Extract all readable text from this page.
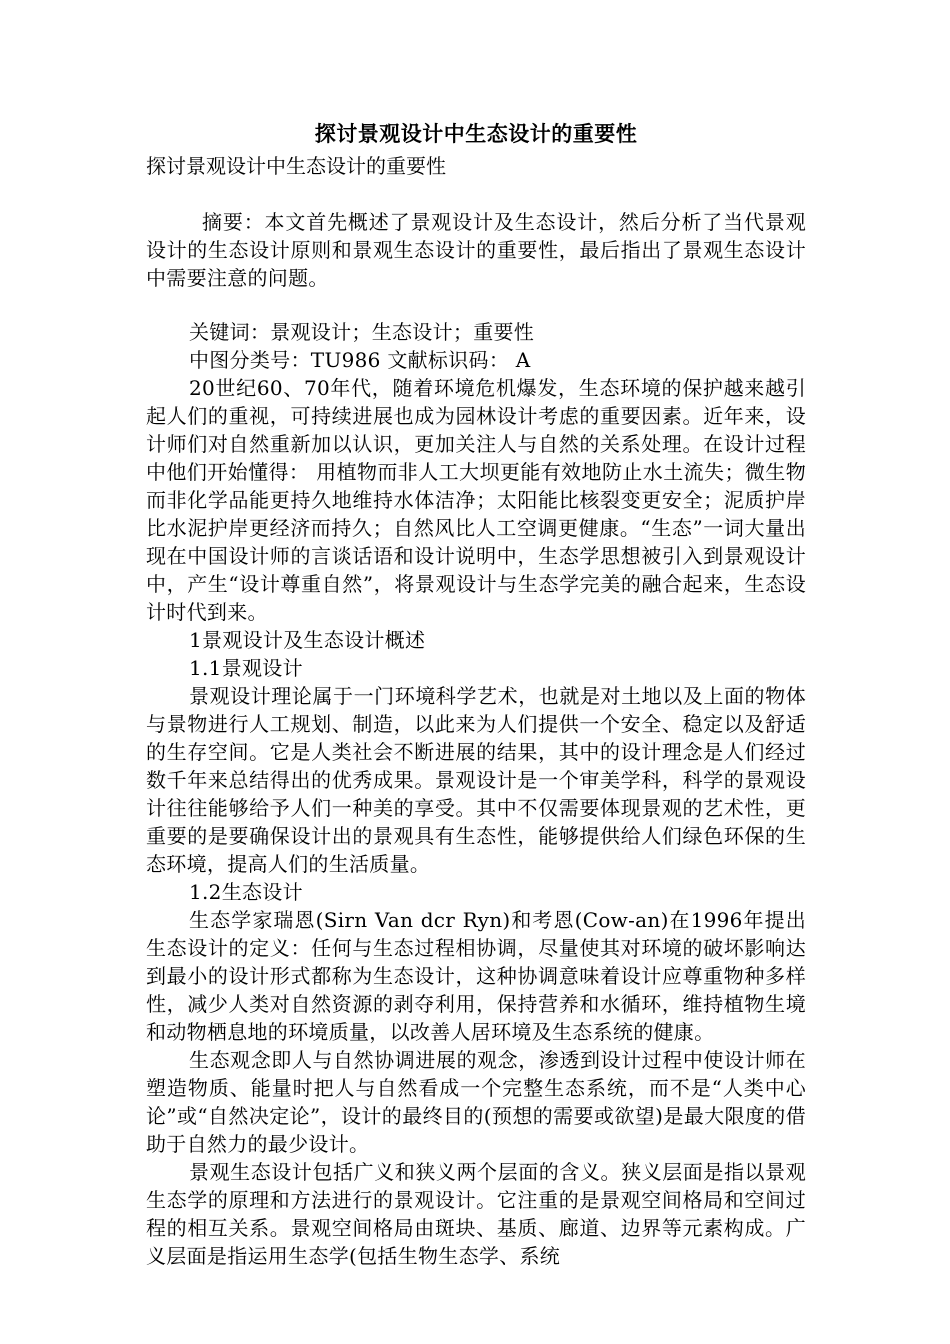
探讨景观设计中生态设计的重要性
探讨景观设计中生态设计的重要性

摘要：本文首先概述了景观设计及生态设计，然后分析了当代景观设计的生态设计原则和景观生态设计的重要性，最后指出了景观生态设计中需要注意的问题。

关键词：景观设计；生态设计；重要性

中图分类号：TU986 文献标识码： A

20世纪60、70年代，随着环境危机爆发，生态环境的保护越来越引起人们的重视，可持续进展也成为园林设计考虑的重要因素。近年来，设计师们对自然重新加以认识，更加关注人与自然的关系处理。在设计过程中他们开始懂得： 用植物而非人工大坝更能有效地防止水土流失；微生物而非化学品能更持久地维持水体洁净；太阳能比核裂变更安全；泥质护岸比水泥护岸更经济而持久；自然风比人工空调更健康。“生态”一词大量出现在中国设计师的言谈话语和设计说明中，生态学思想被引入到景观设计中，产生“设计尊重自然”，将景观设计与生态学完美的融合起来，生态设计时代到来。

1景观设计及生态设计概述

1.1景观设计

景观设计理论属于一门环境科学艺术，也就是对土地以及上面的物体与景物进行人工规划、制造，以此来为人们提供一个安全、稳定以及舒适的生存空间。它是人类社会不断进展的结果，其中的设计理念是人们经过数千年来总结得出的优秀成果。景观设计是一个审美学科，科学的景观设计往往能够给予人们一种美的享受。其中不仅需要体现景观的艺术性，更重要的是要确保设计出的景观具有生态性，能够提供给人们绿色环保的生态环境，提高人们的生活质量。

1.2生态设计

生态学家瑞恩(Sirn Van dcr Ryn)和考恩(Cow-an)在1996年提出生态设计的定义：任何与生态过程相协调，尽量使其对环境的破坏影响达到最小的设计形式都称为生态设计，这种协调意味着设计应尊重物种多样性，减少人类对自然资源的剥夺利用，保持营养和水循环，维持植物生境和动物栖息地的环境质量，以改善人居环境及生态系统的健康。

生态观念即人与自然协调进展的观念，渗透到设计过程中使设计师在塑造物质、能量时把人与自然看成一个完整生态系统，而不是“人类中心论”或“自然决定论”，设计的最终目的(预想的需要或欲望)是最大限度的借助于自然力的最少设计。

景观生态设计包括广义和狭义两个层面的含义。狭义层面是指以景观生态学的原理和方法进行的景观设计。它注重的是景观空间格局和空间过程的相互关系。景观空间格局由斑块、基质、廊道、边界等元素构成。广义层面是指运用生态学(包括生物生态学、系统
